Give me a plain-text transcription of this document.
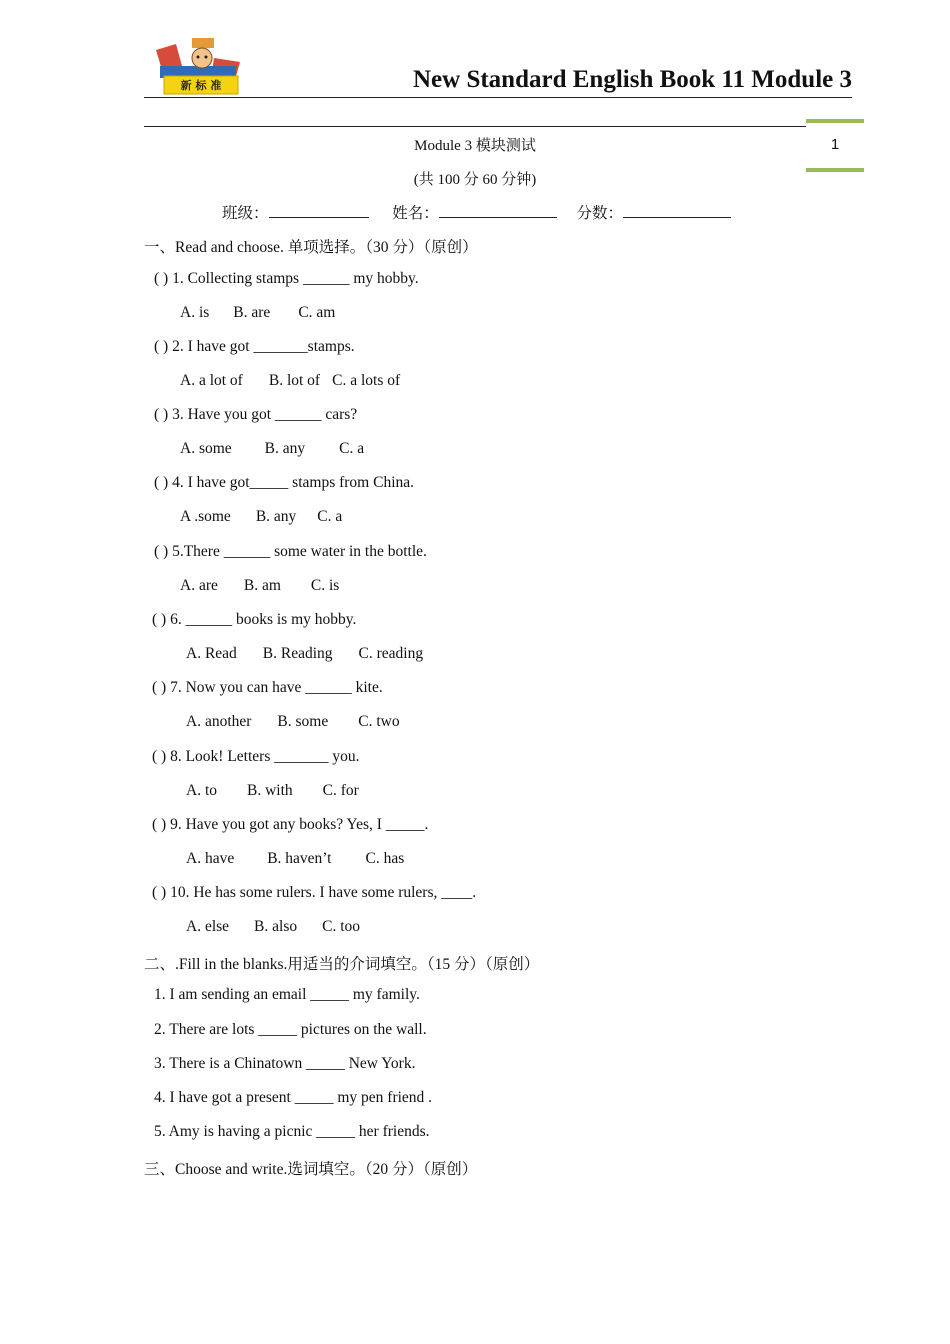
新 标 准	New Standard English Book 11 Module 3
1
Module 3 模块测试
(共 100 分 60 分钟)
班级：	姓名：	分数：
一、Read and choose. 单项选择。（30 分）（原创）
( ) 1. Collecting stamps ______ my hobby.
A. is B. are C. am
( ) 2. I have got _______stamps.
A. a lot of B. lot of C. a lots of
( ) 3. Have you got ______ cars?
A. some B. any C. a
( ) 4. I have got_____ stamps from China.
A .some B. any C. a
( ) 5.There ______ some water in the bottle.
A. are B. am C. is
( ) 6. ______ books is my hobby.
A. Read B. Reading C. reading
( ) 7. Now you can have ______ kite.
A. another B. some C. two
( ) 8. Look! Letters _______ you.
A. to B. with C. for
( ) 9. Have you got any books? Yes, I _____.
A. have B. haven’t C. has
( ) 10. He has some rulers. I have some rulers, ____.
A. else B. also C. too
二、.Fill in the blanks.用适当的介词填空。（15 分）（原创）
1. I am sending an email _____ my family.
2. There are lots _____ pictures on the wall.
3. There is a Chinatown _____ New York.
4. I have got a present _____ my pen friend .
5. Amy is having a picnic _____ her friends.
三、Choose and write.选词填空。（20 分）（原创）
